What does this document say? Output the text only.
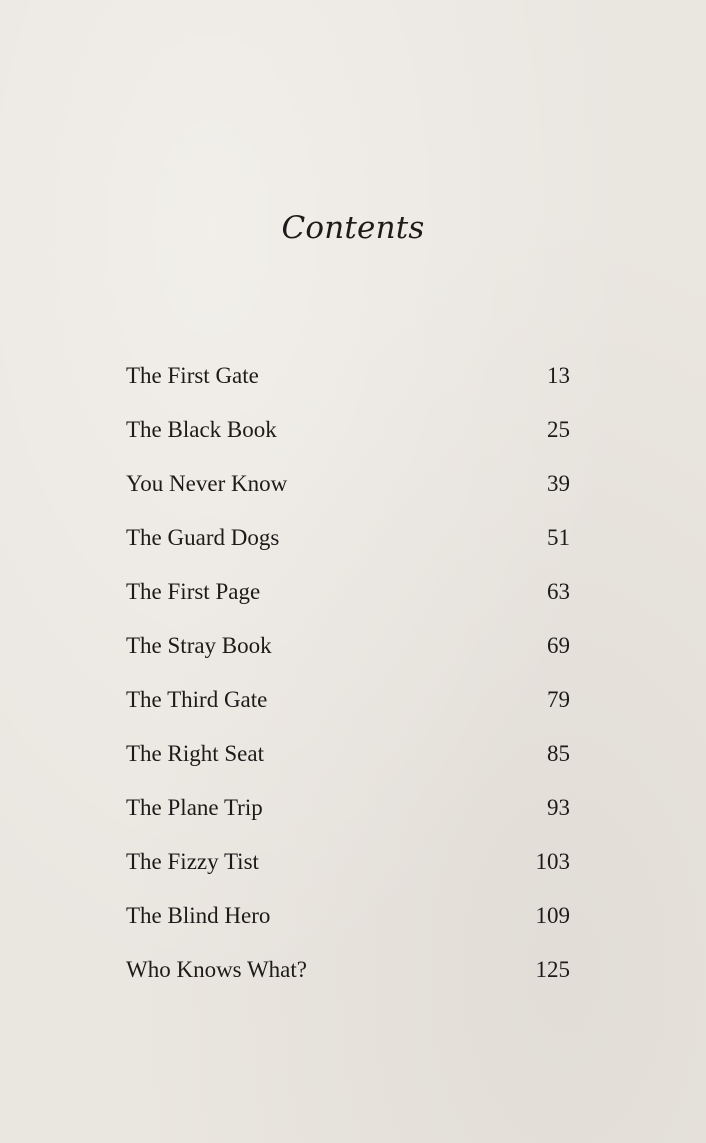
Contents
The First Gate	13
The Black Book	25
You Never Know	39
The Guard Dogs	51
The First Page	63
The Stray Book	69
The Third Gate	79
The Right Seat	85
The Plane Trip	93
The Fizzy Tist	103
The Blind Hero	109
Who Knows What?	125
